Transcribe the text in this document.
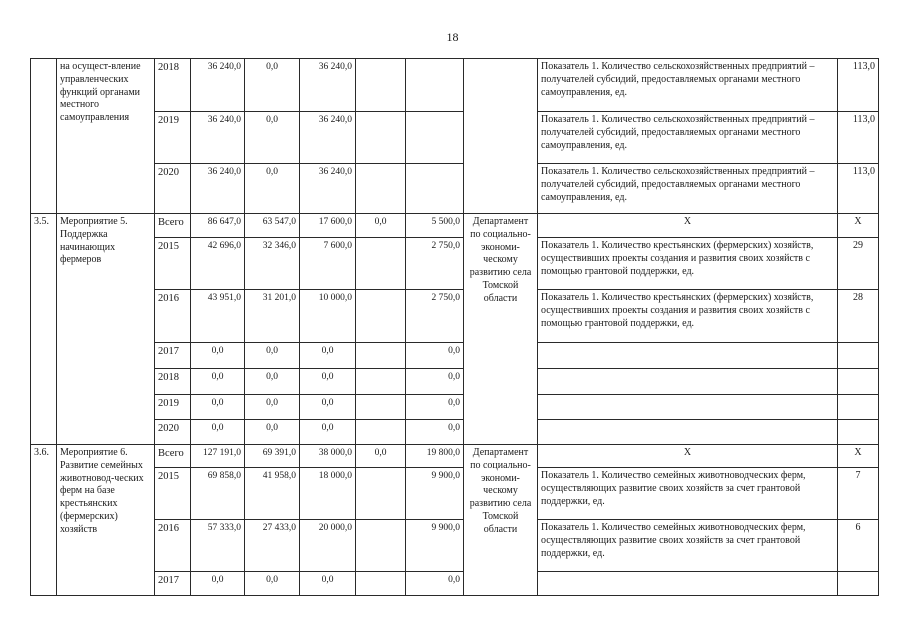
18
	на осущест-вление управленческих функций органами местного самоуправления	2018	36 240,0	0,0	36 240,0				Показатель 1. Количество сельскохозяйственных предприятий – получателей субсидий, предоставляемых органами местного самоуправления, ед.	113,0
		2019	36 240,0	0,0	36 240,0				Показатель 1. Количество сельскохозяйственных предприятий – получателей субсидий, предоставляемых органами местного самоуправления, ед.	113,0
		2020	36 240,0	0,0	36 240,0				Показатель 1. Количество сельскохозяйственных предприятий – получателей субсидий, предоставляемых органами местного самоуправления, ед.	113,0
3.5.	Мероприятие 5. Поддержка начинающих фермеров	Всего	86 647,0	63 547,0	17 600,0	0,0	5 500,0	Департамент по социально-экономи-ческому развитию села Томской области	Х	Х
		2015	42 696,0	32 346,0	7 600,0		2 750,0		Показатель 1. Количество крестьянских (фермерских) хозяйств, осуществивших проекты создания и развития своих хозяйств с помощью грантовой поддержки, ед.	29
		2016	43 951,0	31 201,0	10 000,0		2 750,0		Показатель 1. Количество крестьянских (фермерских) хозяйств, осуществивших проекты создания и развития своих хозяйств с помощью грантовой поддержки, ед.	28
		2017	0,0	0,0	0,0		0,0			
		2018	0,0	0,0	0,0		0,0			
		2019	0,0	0,0	0,0		0,0			
		2020	0,0	0,0	0,0		0,0			
3.6.	Мероприятие 6. Развитие семейных животновод-ческих ферм на базе крестьянских (фермерских) хозяйств	Всего	127 191,0	69 391,0	38 000,0	0,0	19 800,0	Департамент по социально-экономи-ческому развитию села Томской области	Х	Х
		2015	69 858,0	41 958,0	18 000,0		9 900,0		Показатель 1. Количество семейных животноводческих ферм, осуществляющих развитие своих хозяйств за счет грантовой поддержки, ед.	7
		2016	57 333,0	27 433,0	20 000,0		9 900,0		Показатель 1. Количество семейных животноводческих ферм, осуществляющих развитие своих хозяйств за счет грантовой поддержки, ед.	6
		2017	0,0	0,0	0,0		0,0			
